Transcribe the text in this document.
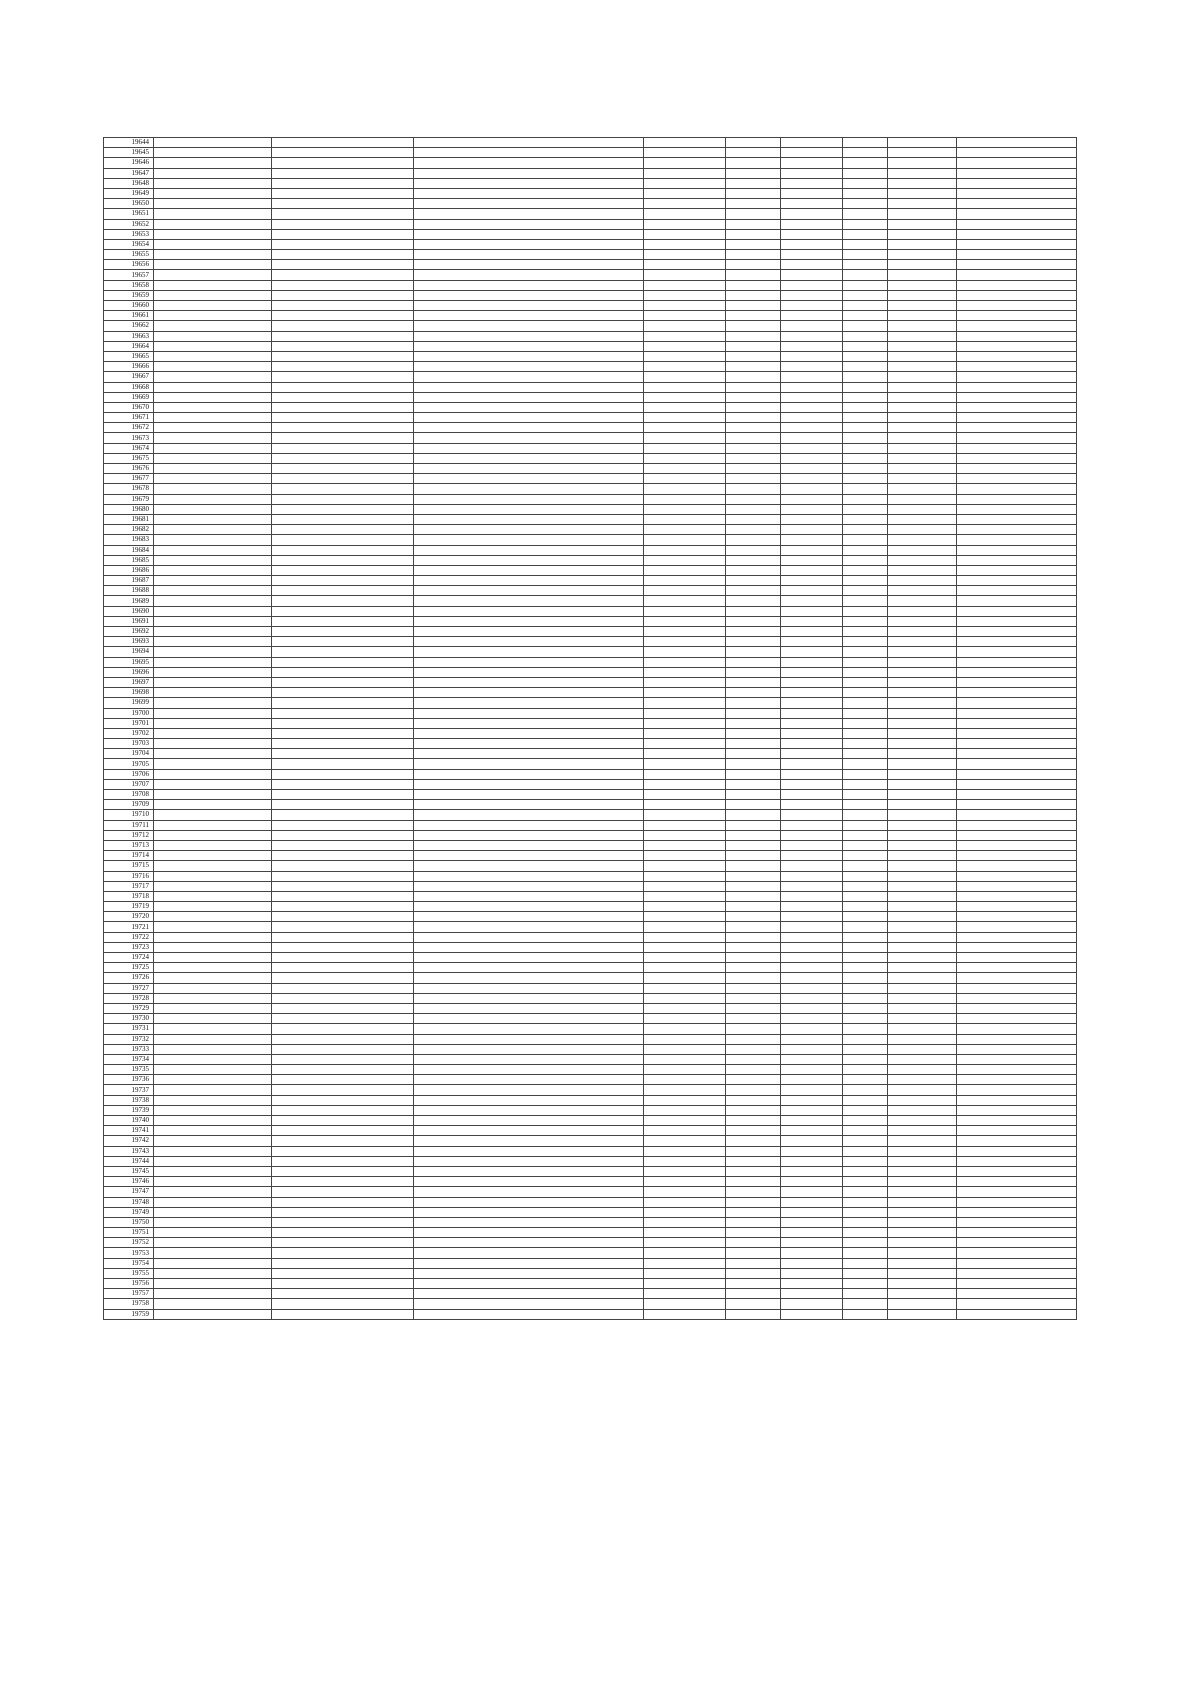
19644									
19645									
19646									
19647									
19648									
19649									
19650									
19651									
19652									
19653									
19654									
19655									
19656									
19657									
19658									
19659									
19660									
19661									
19662									
19663									
19664									
19665									
19666									
19667									
19668									
19669									
19670									
19671									
19672									
19673									
19674									
19675									
19676									
19677									
19678									
19679									
19680									
19681									
19682									
19683									
19684									
19685									
19686									
19687									
19688									
19689									
19690									
19691									
19692									
19693									
19694									
19695									
19696									
19697									
19698									
19699									
19700									
19701									
19702									
19703									
19704									
19705									
19706									
19707									
19708									
19709									
19710									
19711									
19712									
19713									
19714									
19715									
19716									
19717									
19718									
19719									
19720									
19721									
19722									
19723									
19724									
19725									
19726									
19727									
19728									
19729									
19730									
19731									
19732									
19733									
19734									
19735									
19736									
19737									
19738									
19739									
19740									
19741									
19742									
19743									
19744									
19745									
19746									
19747									
19748									
19749									
19750									
19751									
19752									
19753									
19754									
19755									
19756									
19757									
19758									
19759									
